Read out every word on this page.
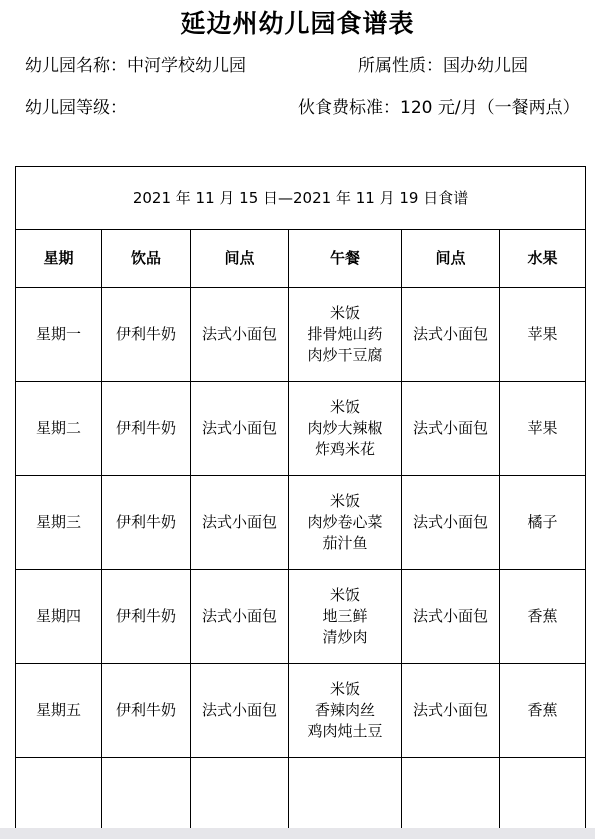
延边州幼儿园食谱表
幼儿园名称：中河学校幼儿园	所属性质：国办幼儿园
幼儿园等级：	伙食费标准：120 元/月（一餐两点）
2021 年 11 月 15 日—2021 年 11 月 19 日食谱					
星期	饮品	间点	午餐	间点	水果
星期一	伊利牛奶	法式小面包	米饭
排骨炖山药
肉炒干豆腐	法式小面包	苹果
星期二	伊利牛奶	法式小面包	米饭
肉炒大辣椒
炸鸡米花	法式小面包	苹果
星期三	伊利牛奶	法式小面包	米饭
肉炒卷心菜
茄汁鱼	法式小面包	橘子
星期四	伊利牛奶	法式小面包	米饭
地三鲜
清炒肉	法式小面包	香蕉
星期五	伊利牛奶	法式小面包	米饭
香辣肉丝
鸡肉炖土豆	法式小面包	香蕉
